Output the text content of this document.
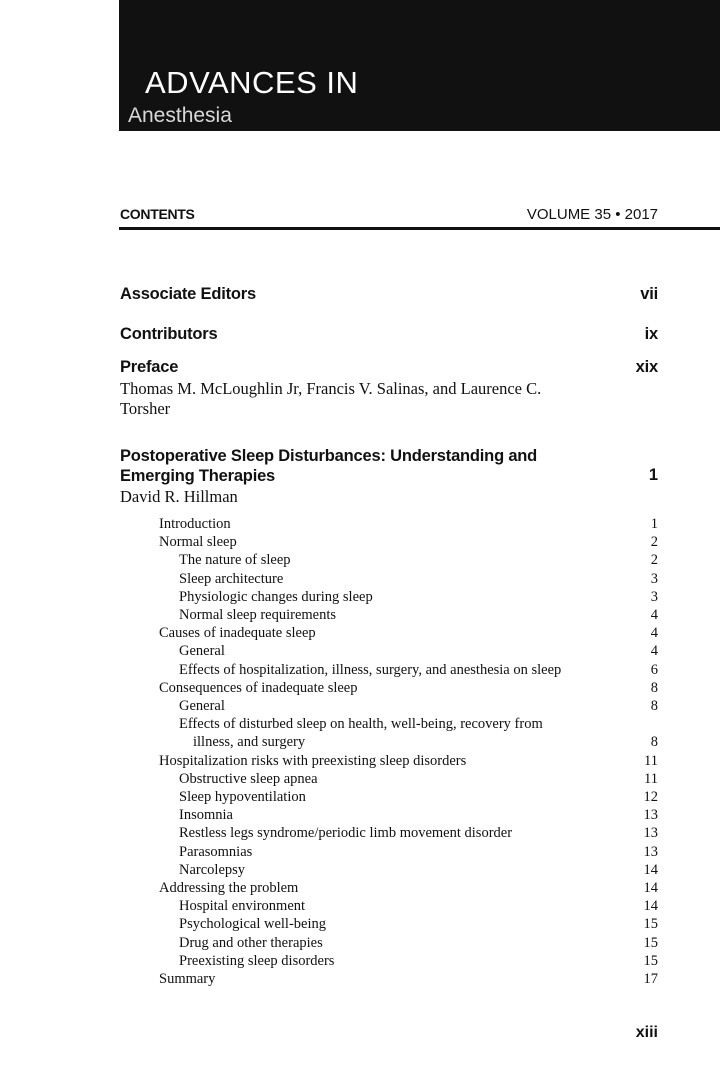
ADVANCES IN
Anesthesia
CONTENTS	VOLUME 35 • 2017
Associate Editors	vii
Contributors	ix
Preface	xix
Thomas M. McLoughlin Jr, Francis V. Salinas, and Laurence C. Torsher
Postoperative Sleep Disturbances: Understanding and Emerging Therapies	1
David R. Hillman
Introduction	1
Normal sleep	2
The nature of sleep	2
Sleep architecture	3
Physiologic changes during sleep	3
Normal sleep requirements	4
Causes of inadequate sleep	4
General	4
Effects of hospitalization, illness, surgery, and anesthesia on sleep	6
Consequences of inadequate sleep	8
General	8
Effects of disturbed sleep on health, well-being, recovery from
illness, and surgery	8
Hospitalization risks with preexisting sleep disorders	11
Obstructive sleep apnea	11
Sleep hypoventilation	12
Insomnia	13
Restless legs syndrome/periodic limb movement disorder	13
Parasomnias	13
Narcolepsy	14
Addressing the problem	14
Hospital environment	14
Psychological well-being	15
Drug and other therapies	15
Preexisting sleep disorders	15
Summary	17
xiii
